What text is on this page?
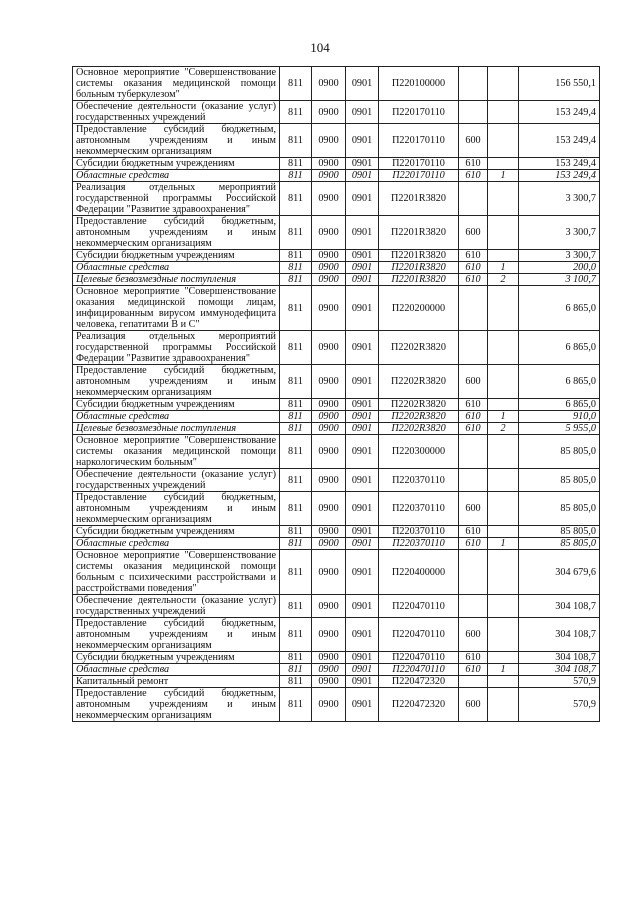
104
Основное мероприятие "Совершенствование системы оказания медицинской помощи больным туберкулезом"	811	0900	0901	П220100000			156 550,1
Обеспечение деятельности (оказание услуг) государственных учреждений	811	0900	0901	П220170110			153 249,4
Предоставление субсидий бюджетным, автономным учреждениям и иным некоммерческим организациям	811	0900	0901	П220170110	600		153 249,4
Субсидии бюджетным учреждениям	811	0900	0901	П220170110	610		153 249,4
Областные средства	811	0900	0901	П220170110	610	1	153 249,4
Реализация отдельных мероприятий государственной программы Российской Федерации "Развитие здравоохранения"	811	0900	0901	П2201R3820			3 300,7
Предоставление субсидий бюджетным, автономным учреждениям и иным некоммерческим организациям	811	0900	0901	П2201R3820	600		3 300,7
Субсидии бюджетным учреждениям	811	0900	0901	П2201R3820	610		3 300,7
Областные средства	811	0900	0901	П2201R3820	610	1	200,0
Целевые безвозмездные поступления	811	0900	0901	П2201R3820	610	2	3 100,7
Основное мероприятие "Совершенствование оказания медицинской помощи лицам, инфицированным вирусом иммунодефицита человека, гепатитами В и С"	811	0900	0901	П220200000			6 865,0
Реализация отдельных мероприятий государственной программы Российской Федерации "Развитие здравоохранения"	811	0900	0901	П2202R3820			6 865,0
Предоставление субсидий бюджетным, автономным учреждениям и иным некоммерческим организациям	811	0900	0901	П2202R3820	600		6 865,0
Субсидии бюджетным учреждениям	811	0900	0901	П2202R3820	610		6 865,0
Областные средства	811	0900	0901	П2202R3820	610	1	910,0
Целевые безвозмездные поступления	811	0900	0901	П2202R3820	610	2	5 955,0
Основное мероприятие "Совершенствование системы оказания медицинской помощи наркологическим больным"	811	0900	0901	П220300000			85 805,0
Обеспечение деятельности (оказание услуг) государственных учреждений	811	0900	0901	П220370110			85 805,0
Предоставление субсидий бюджетным, автономным учреждениям и иным некоммерческим организациям	811	0900	0901	П220370110	600		85 805,0
Субсидии бюджетным учреждениям	811	0900	0901	П220370110	610		85 805,0
Областные средства	811	0900	0901	П220370110	610	1	85 805,0
Основное мероприятие "Совершенствование системы оказания медицинской помощи больным с психическими расстройствами и расстройствами поведения"	811	0900	0901	П220400000			304 679,6
Обеспечение деятельности (оказание услуг) государственных учреждений	811	0900	0901	П220470110			304 108,7
Предоставление субсидий бюджетным, автономным учреждениям и иным некоммерческим организациям	811	0900	0901	П220470110	600		304 108,7
Субсидии бюджетным учреждениям	811	0900	0901	П220470110	610		304 108,7
Областные средства	811	0900	0901	П220470110	610	1	304 108,7
Капитальный ремонт	811	0900	0901	П220472320			570,9
Предоставление субсидий бюджетным, автономным учреждениям и иным некоммерческим организациям	811	0900	0901	П220472320	600		570,9
